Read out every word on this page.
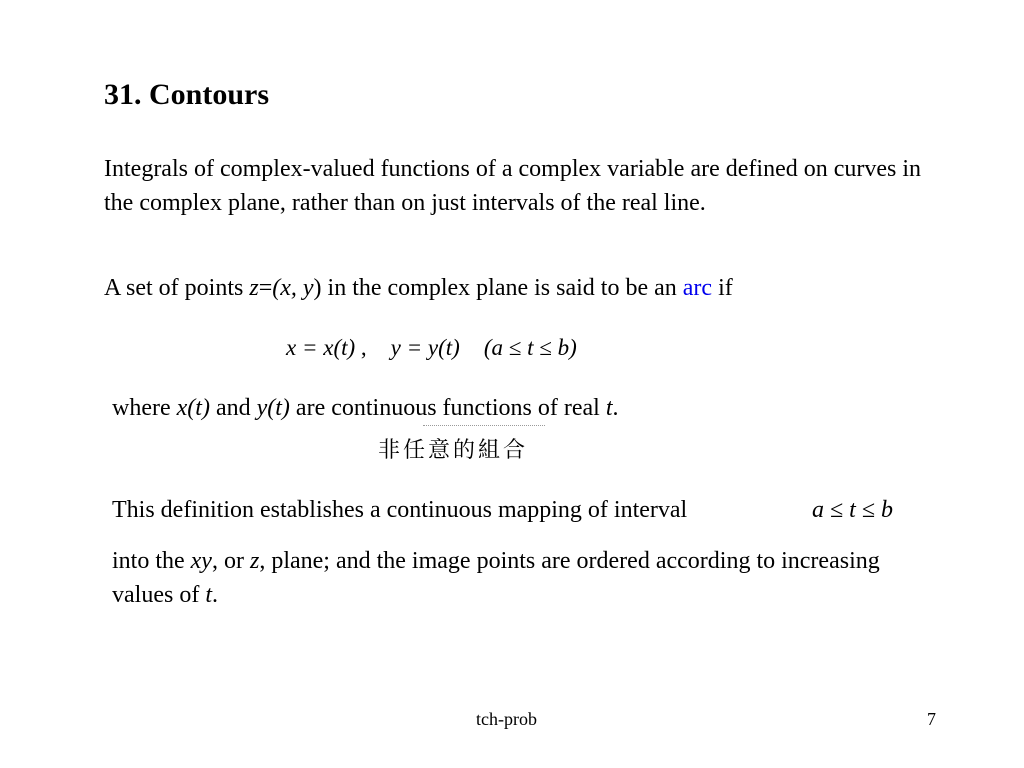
31. Contours
Integrals of complex-valued functions of a complex variable are defined on curves in the complex plane, rather than on just intervals of the real line.
A set of points z=(x, y) in the complex plane is said to be an arc if
x = x(t) , y = y(t) (a ≤ t ≤ b)
where x(t) and y(t) are continuous functions of real t.
非任意的組合
This definition establishes a continuous mapping of interval	a ≤ t ≤ b
into the xy, or z, plane; and the image points are ordered according to increasing values of t.
tch-prob	7
